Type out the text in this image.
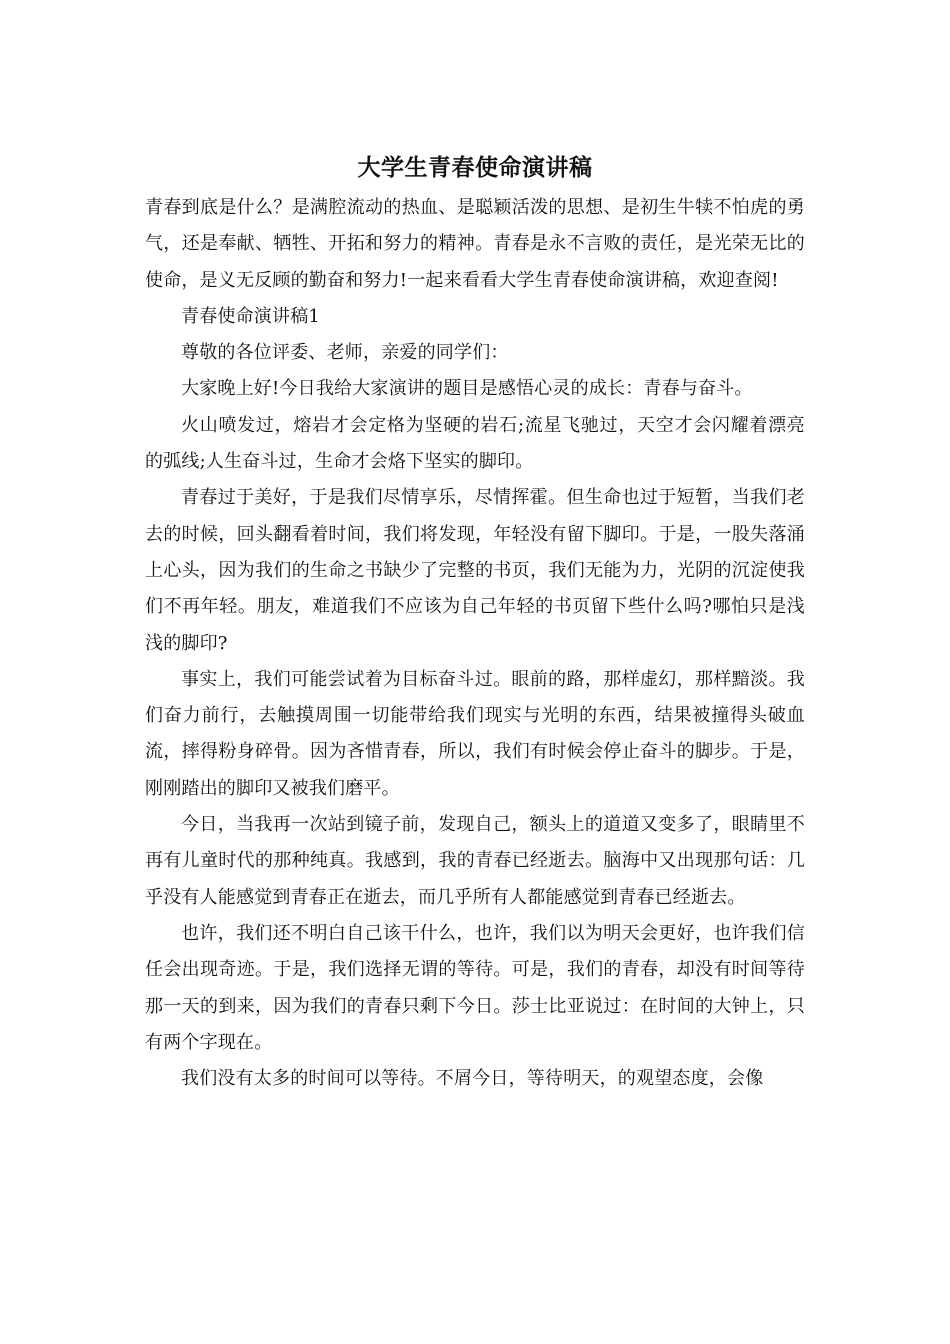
大学生青春使命演讲稿

青春到底是什么？是满腔流动的热血、是聪颖活泼的思想、是初生牛犊不怕虎的勇气，还是奉献、牺牲、开拓和努力的精神。青春是永不言败的责任，是光荣无比的使命，是义无反顾的勤奋和努力!一起来看看大学生青春使命演讲稿，欢迎查阅!

青春使命演讲稿1

尊敬的各位评委、老师，亲爱的同学们：

大家晚上好!今日我给大家演讲的题目是感悟心灵的成长：青春与奋斗。

火山喷发过，熔岩才会定格为坚硬的岩石;流星飞驰过，天空才会闪耀着漂亮的弧线;人生奋斗过，生命才会烙下坚实的脚印。

青春过于美好，于是我们尽情享乐，尽情挥霍。但生命也过于短暂，当我们老去的时候，回头翻看着时间，我们将发现，年轻没有留下脚印。于是，一股失落涌上心头，因为我们的生命之书缺少了完整的书页，我们无能为力，光阴的沉淀使我们不再年轻。朋友，难道我们不应该为自己年轻的书页留下些什么吗?哪怕只是浅浅的脚印?

事实上，我们可能尝试着为目标奋斗过。眼前的路，那样虚幻，那样黯淡。我们奋力前行，去触摸周围一切能带给我们现实与光明的东西，结果被撞得头破血流，摔得粉身碎骨。因为吝惜青春，所以，我们有时候会停止奋斗的脚步。于是，刚刚踏出的脚印又被我们磨平。

今日，当我再一次站到镜子前，发现自己，额头上的道道又变多了，眼睛里不再有儿童时代的那种纯真。我感到，我的青春已经逝去。脑海中又出现那句话：几乎没有人能感觉到青春正在逝去，而几乎所有人都能感觉到青春已经逝去。

也许，我们还不明白自己该干什么，也许，我们以为明天会更好，也许我们信任会出现奇迹。于是，我们选择无谓的等待。可是，我们的青春，却没有时间等待那一天的到来，因为我们的青春只剩下今日。莎士比亚说过：在时间的大钟上，只有两个字现在。

我们没有太多的时间可以等待。不屑今日，等待明天，的观望态度，会像
